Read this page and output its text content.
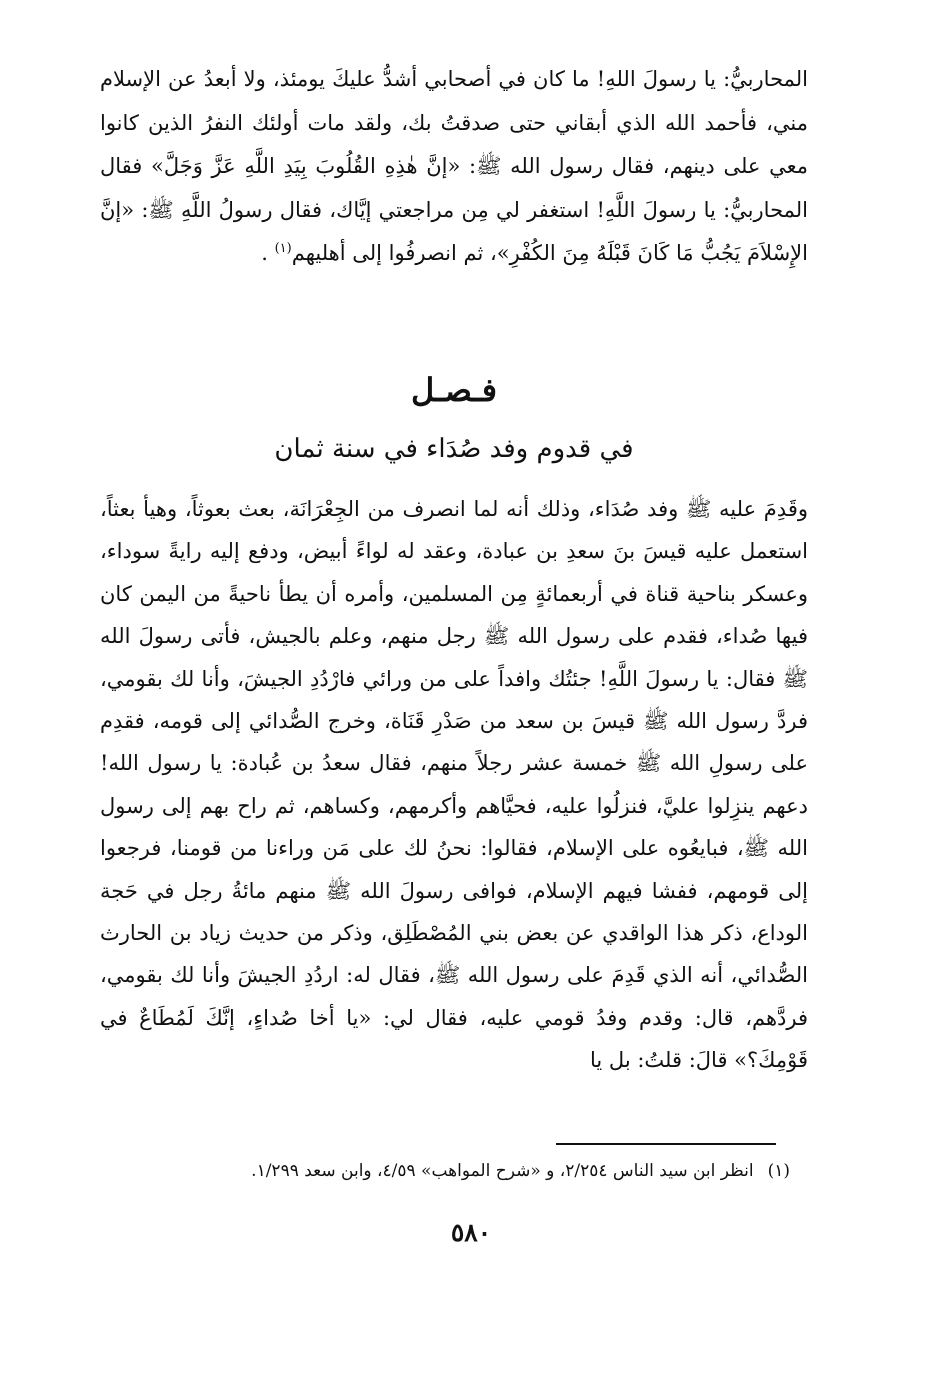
المحاربيُّ: يا رسولَ اللهِ! ما كان في أصحابي أشدُّ عليكَ يومئذ، ولا أبعدُ عن الإسلام مني، فأحمد الله الذي أبقاني حتى صدقتُ بك، ولقد مات أولئك النفرُ الذين كانوا معي على دينهم، فقال رسول الله ﷺ: «إنَّ هٰذِهِ القُلُوبَ بِيَدِ اللَّهِ عَزَّ وَجَلَّ» فقال المحاربيُّ: يا رسولَ اللَّهِ! استغفر لي مِن مراجعتي إيَّاك، فقال رسولُ اللَّهِ ﷺ: «إنَّ الإِسْلاَمَ يَجُبُّ مَا كَانَ قَبْلَهُ مِنَ الكُفْرِ»، ثم انصرفُوا إلى أهليهم$^{(١)}$ .
فـصـل
في قدوم وفد صُدَاء في سنة ثمان
وقَدِمَ عليه ﷺ وفد صُدَاء، وذلك أنه لما انصرف من الجِعْرَانَة، بعث بعوثاً، وهيأ بعثاً، استعمل عليه قيسَ بنَ سعدِ بن عبادة، وعقد له لواءً أبيض، ودفع إليه رايةً سوداء، وعسكر بناحية قناة في أربعمائةٍ مِن المسلمين، وأمره أن يطأ ناحيةً من اليمن كان فيها صُداء، فقدم على رسول الله ﷺ رجل منهم، وعلم بالجيش، فأتى رسولَ الله ﷺ فقال: يا رسولَ اللَّهِ! جئتُك وافداً على من ورائي فارْدُدِ الجيشَ، وأنا لك بقومي، فردَّ رسول الله ﷺ قيسَ بن سعد من صَدْرِ قَنَاة، وخرج الصُّدائي إلى قومه، فقدِم على رسولِ الله ﷺ خمسة عشر رجلاً منهم، فقال سعدُ بن عُبادة: يا رسول الله! دعهم ينزِلوا عليَّ، فنزلُوا عليه، فحيَّاهم وأكرمهم، وكساهم، ثم راح بهم إلى رسول الله ﷺ، فبايعُوه على الإسلام، فقالوا: نحنُ لك على مَن وراءنا من قومنا، فرجعوا إلى قومهم، ففشا فيهم الإسلام، فوافى رسولَ الله ﷺ منهم مائةُ رجل في حَجة الوداع، ذكر هذا الواقدي عن بعض بني المُصْطَلِق، وذكر من حديث زياد بن الحارث الصُّدائي، أنه الذي قَدِمَ على رسول الله ﷺ، فقال له: اردُدِ الجيشَ وأنا لك بقومي، فردَّهم، قال: وقدم وفدُ قومي عليه، فقال لي: «يا أخا صُداءٍ، إنَّكَ لَمُطَاعٌ في قَوْمِكَ؟» قالَ: قلتُ: بل يا
(١)انظر ابن سيد الناس ٢/٢٥٤، و «شرح المواهب» ٤/٥٩، وابن سعد ١/٢٩٩.
٥٨٠
